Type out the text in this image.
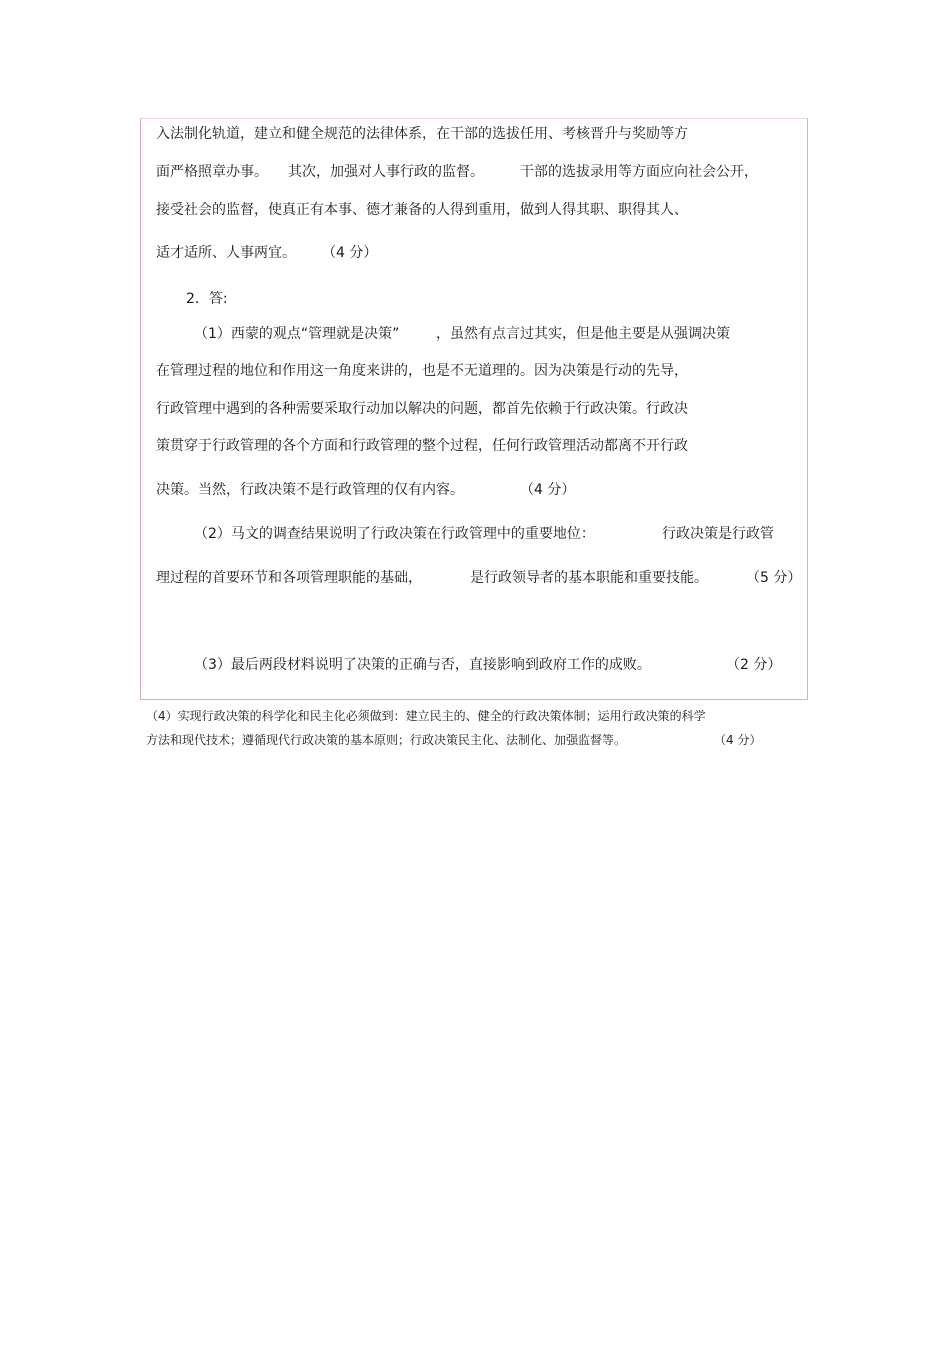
入法制化轨道，建立和健全规范的法律体系，在干部的选拔任用、考核晋升与奖励等方
面严格照章办事。 其次，加强对人事行政的监督。	干部的选拔录用等方面应向社会公开，
接受社会的监督，使真正有本事、德才兼备的人得到重用，做到人得其职、职得其人、
适才适所、人事两宜。 （4 分）
2．答:
（1）西蒙的观点“管理就是决策”	，虽然有点言过其实，但是他主要是从强调决策
在管理过程的地位和作用这一角度来讲的，也是不无道理的。因为决策是行动的先导，
行政管理中遇到的各种需要采取行动加以解决的问题，都首先依赖于行政决策。行政决
策贯穿于行政管理的各个方面和行政管理的整个过程，任何行政管理活动都离不开行政
决策。当然，行政决策不是行政管理的仅有内容。	（4 分）
（2）马文的调查结果说明了行政决策在行政管理中的重要地位：	行政决策是行政管
理过程的首要环节和各项管理职能的基础，	是行政领导者的基本职能和重要技能。	（5 分）
（3）最后两段材料说明了决策的正确与否，直接影响到政府工作的成败。	（2 分）
（4）实现行政决策的科学化和民主化必须做到：建立民主的、健全的行政决策体制；运用行政决策的科学
方法和现代技术；遵循现代行政决策的基本原则；行政决策民主化、法制化、加强监督等。	（4 分）
